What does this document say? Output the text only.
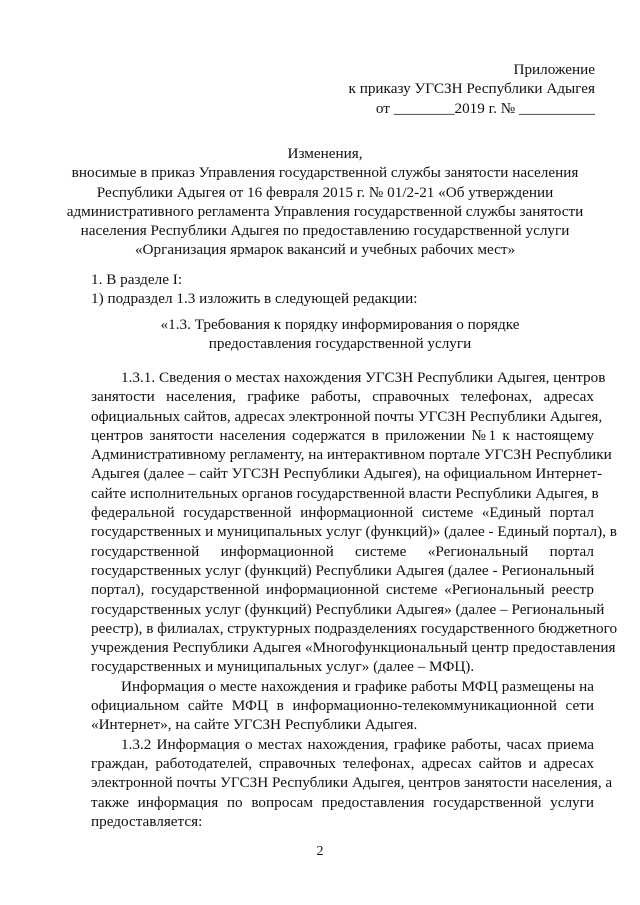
Приложение
к приказу УГСЗН Республики Адыгея
от ________2019 г. № __________
Изменения,
вносимые в приказ Управления государственной службы занятости населения
Республики Адыгея от 16 февраля 2015 г. № 01/2-21 «Об утверждении
административного регламента Управления государственной службы занятости
населения Республики Адыгея по предоставлению государственной услуги
«Организация ярмарок вакансий и учебных рабочих мест»
1. В разделе I:
1) подраздел 1.3 изложить в следующей редакции:
«1.3. Требования к порядку информирования о порядке
предоставления государственной услуги
1.3.1. Сведения о местах нахождения УГСЗН Республики Адыгея, центров
занятости населения, графике работы, справочных телефонах, адресах
официальных сайтов, адресах электронной почты УГСЗН Республики Адыгея,
центров занятости населения содержатся в приложении №1 к настоящему
Административному регламенту, на интерактивном портале УГСЗН Республики
Адыгея (далее – сайт УГСЗН Республики Адыгея), на официальном Интернет-
сайте исполнительных органов государственной власти Республики Адыгея, в
федеральной государственной информационной системе «Единый портал
государственных и муниципальных услуг (функций)» (далее - Единый портал), в
государственной информационной системе «Региональный портал
государственных услуг (функций) Республики Адыгея (далее - Региональный
портал), государственной информационной системе «Региональный реестр
государственных услуг (функций) Республики Адыгея» (далее – Региональный
реестр), в филиалах, структурных подразделениях государственного бюджетного
учреждения Республики Адыгея «Многофункциональный центр предоставления
государственных и муниципальных услуг» (далее – МФЦ).
Информация о месте нахождения и графике работы МФЦ размещены на
официальном сайте МФЦ в информационно-телекоммуникационной сети
«Интернет», на сайте УГСЗН Республики Адыгея.
1.3.2 Информация о местах нахождения, графике работы, часах приема
граждан, работодателей, справочных телефонах, адресах сайтов и адресах
электронной почты УГСЗН Республики Адыгея, центров занятости населения, а
также информация по вопросам предоставления государственной услуги
предоставляется:
2
